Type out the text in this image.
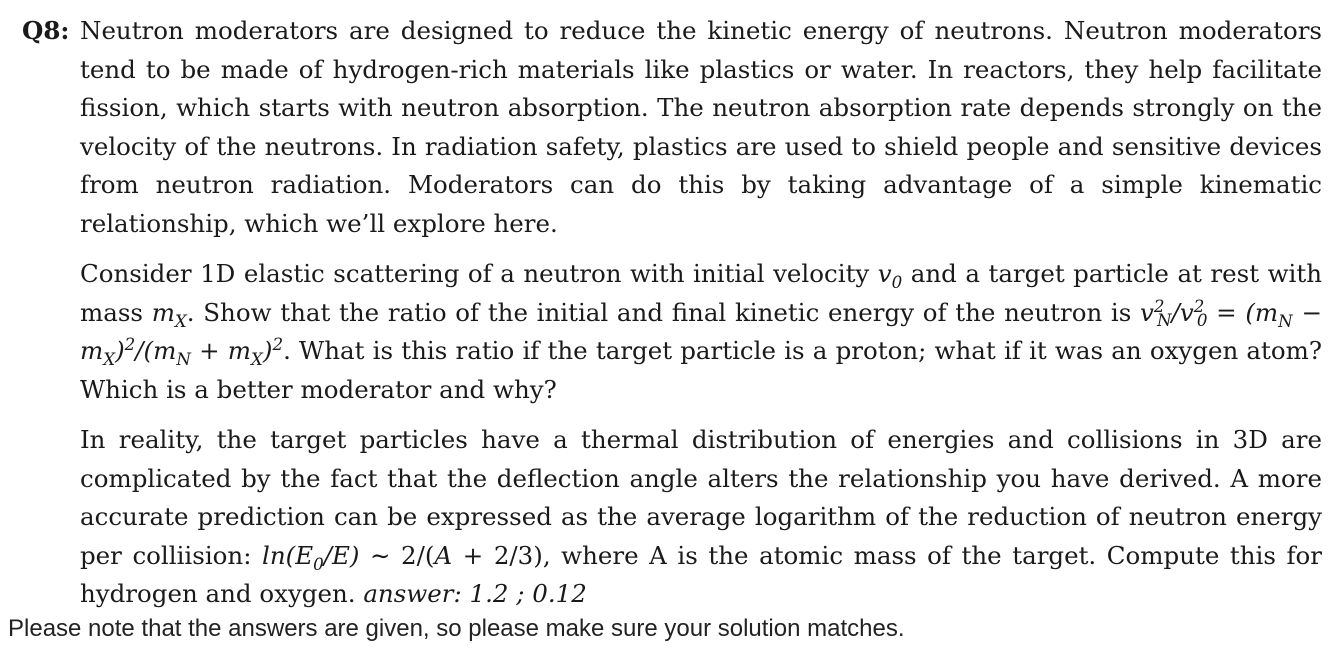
Q8: Neutron moderators are designed to reduce the kinetic energy of neutrons. Neutron moderators tend to be made of hydrogen-rich materials like plastics or water. In reactors, they help facilitate fission, which starts with neutron absorption. The neutron absorption rate depends strongly on the velocity of the neutrons. In radiation safety, plastics are used to shield people and sensitive devices from neutron radiation. Moderators can do this by taking advantage of a simple kinematic relationship, which we’ll explore here.
Consider 1D elastic scattering of a neutron with initial velocity $v_0$ and a target particle at rest with mass $m_X$. Show that the ratio of the initial and final kinetic energy of the neutron is $v^2_N/v^2_0 = (m_N - m_X)^2/(m_N + m_X)^2$. What is this ratio if the target particle is a proton; what if it was an oxygen atom? Which is a better moderator and why?
In reality, the target particles have a thermal distribution of energies and collisions in 3D are complicated by the fact that the deflection angle alters the relationship you have derived. A more accurate prediction can be expressed as the average logarithm of the reduction of neutron energy per colliision: $\ln(E_0/E)$ ∼ 2/(A + 2/3), where A is the atomic mass of the target. Compute this for hydrogen and oxygen. answer: 1.2 ; 0.12
Please note that the answers are given, so please make sure your solution matches.
